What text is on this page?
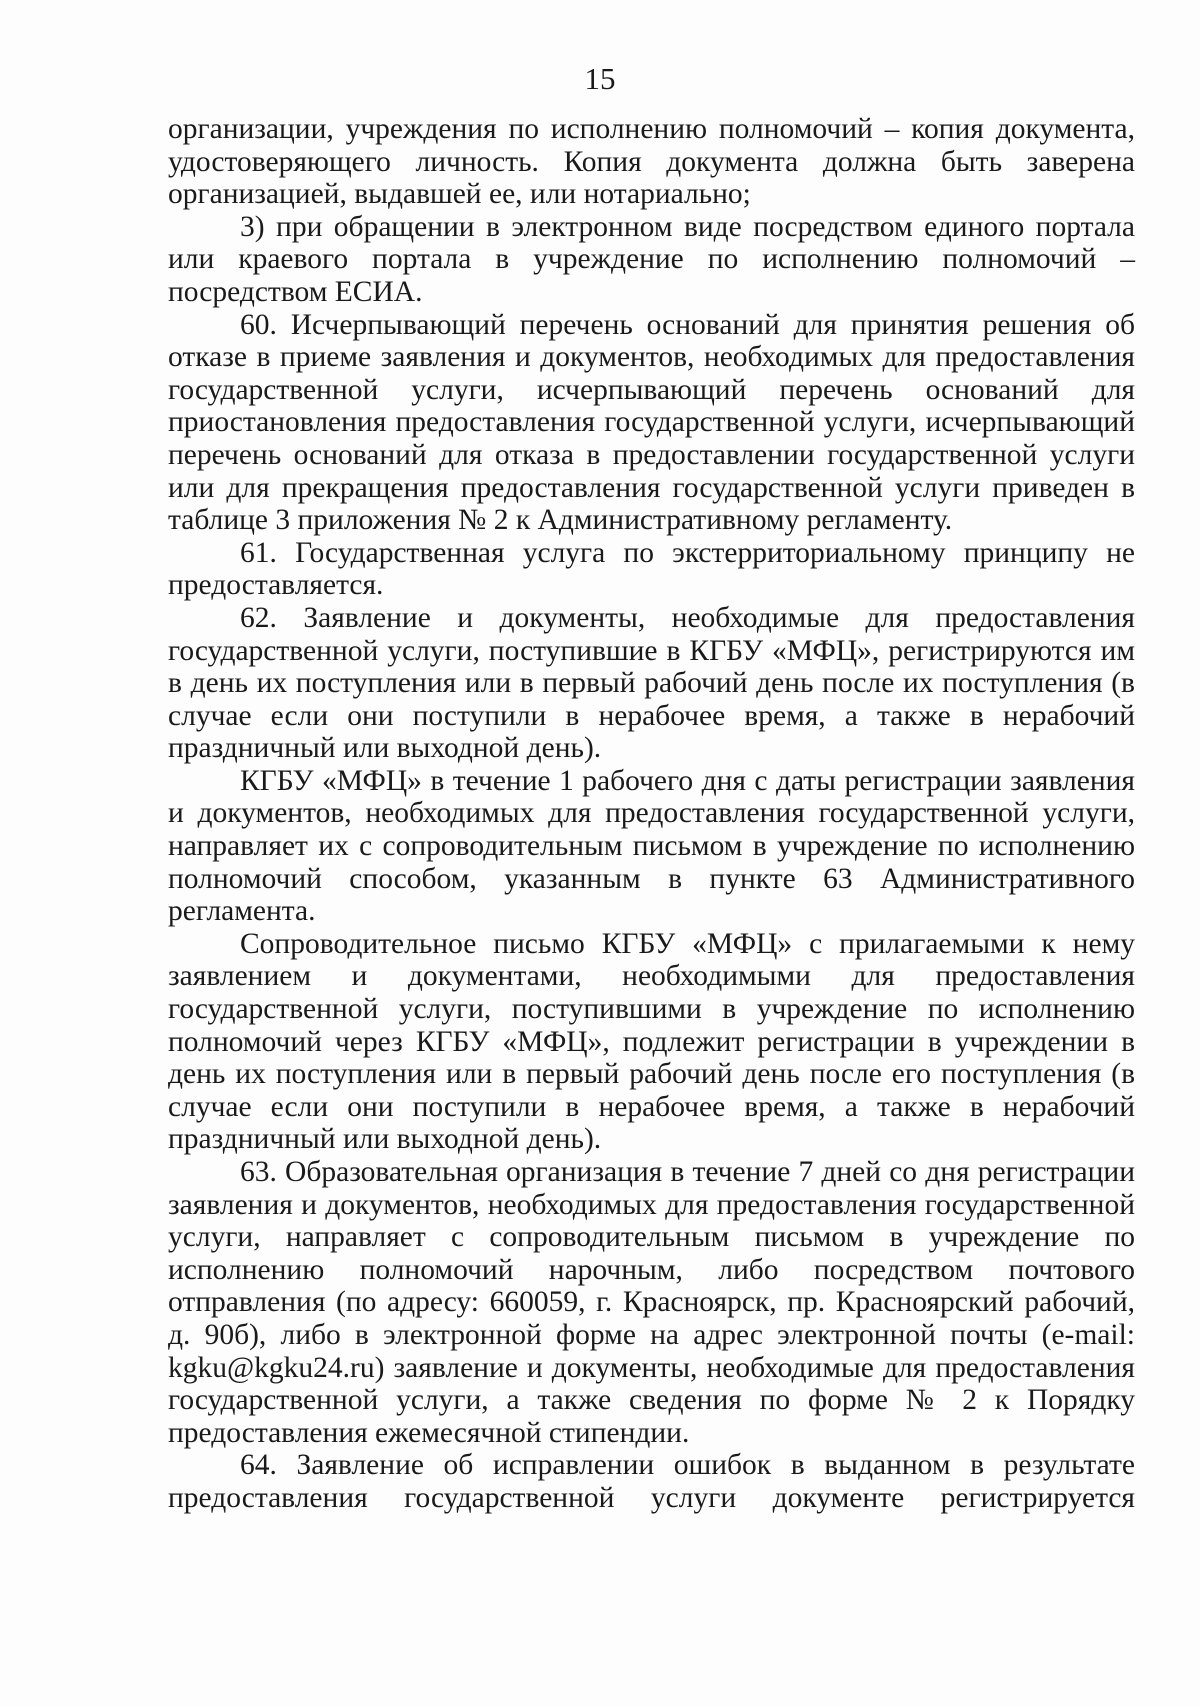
15

организации, учреждения по исполнению полномочий – копия документа, удостоверяющего личность. Копия документа должна быть заверена организацией, выдавшей ее, или нотариально;

3) при обращении в электронном виде посредством единого портала или краевого портала в учреждение по исполнению полномочий – посредством ЕСИА.

60. Исчерпывающий перечень оснований для принятия решения об отказе в приеме заявления и документов, необходимых для предоставления государственной услуги, исчерпывающий перечень оснований для приостановления предоставления государственной услуги, исчерпывающий перечень оснований для отказа в предоставлении государственной услуги или для прекращения предоставления государственной услуги приведен в таблице 3 приложения № 2 к Административному регламенту.

61. Государственная услуга по экстерриториальному принципу не предоставляется.

62. Заявление и документы, необходимые для предоставления государственной услуги, поступившие в КГБУ «МФЦ», регистрируются им в день их поступления или в первый рабочий день после их поступления (в случае если они поступили в нерабочее время, а также в нерабочий праздничный или выходной день).

КГБУ «МФЦ» в течение 1 рабочего дня с даты регистрации заявления и документов, необходимых для предоставления государственной услуги, направляет их с сопроводительным письмом в учреждение по исполнению полномочий способом, указанным в пункте 63 Административного регламента.

Сопроводительное письмо КГБУ «МФЦ» с прилагаемыми к нему заявлением и документами, необходимыми для предоставления государственной услуги, поступившими в учреждение по исполнению полномочий через КГБУ «МФЦ», подлежит регистрации в учреждении в день их поступления или в первый рабочий день после его поступления (в случае если они поступили в нерабочее время, а также в нерабочий праздничный или выходной день).

63. Образовательная организация в течение 7 дней со дня регистрации заявления и документов, необходимых для предоставления государственной услуги, направляет с сопроводительным письмом в учреждение по исполнению полномочий нарочным, либо посредством почтового отправления (по адресу: 660059, г. Красноярск, пр. Красноярский рабочий, д. 90б), либо в электронной форме на адрес электронной почты (e-mail: kgku@kgku24.ru) заявление и документы, необходимые для предоставления государственной услуги, а также сведения по форме № 2 к Порядку предоставления ежемесячной стипендии.

64. Заявление об исправлении ошибок в выданном в результате предоставления государственной услуги документе регистрируется
